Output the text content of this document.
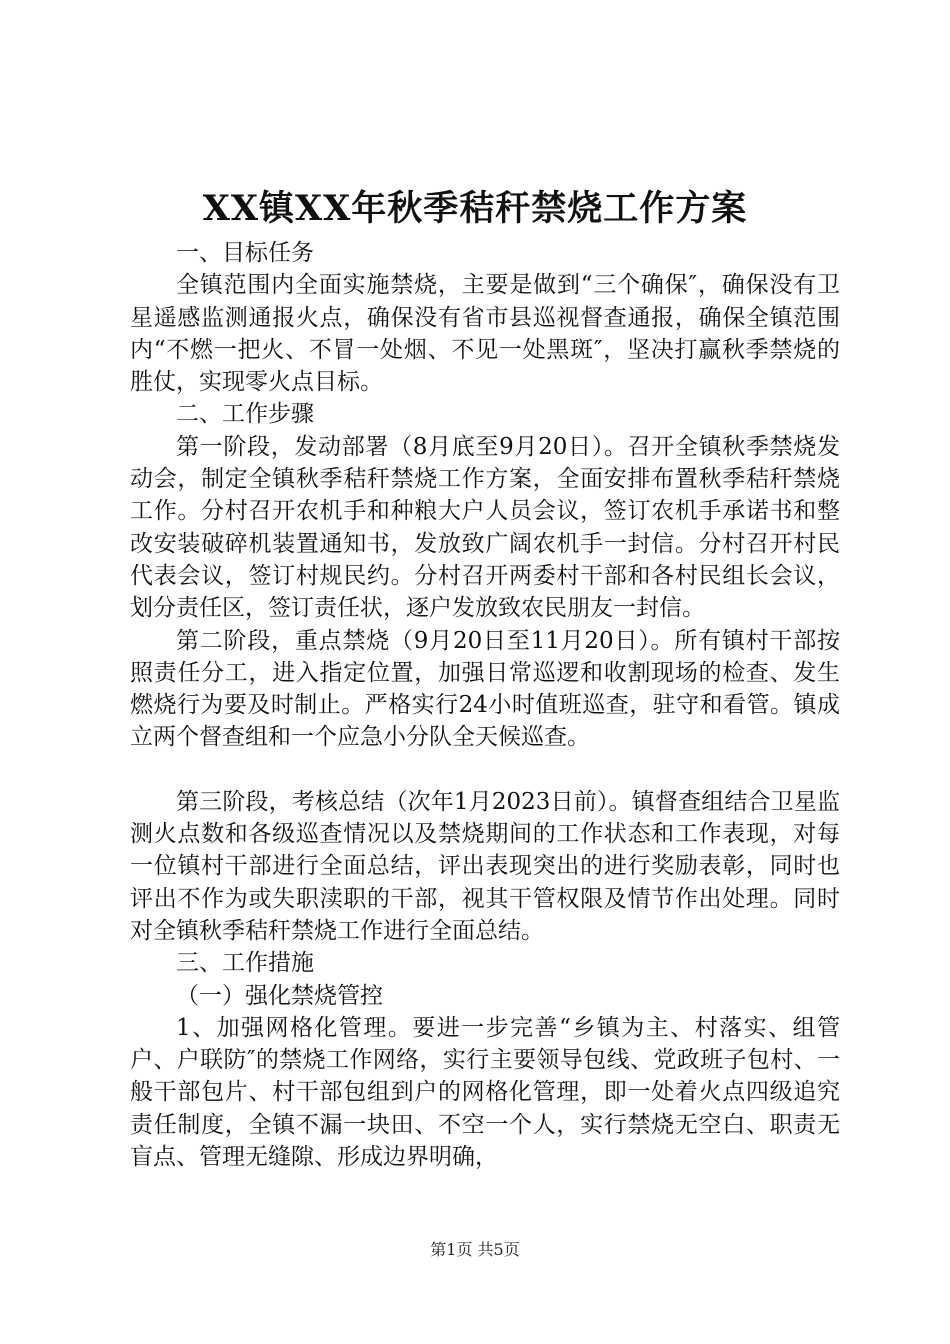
XX镇XX年秋季秸秆禁烧工作方案

一、目标任务

全镇范围内全面实施禁烧，主要是做到“三个确保″，确保没有卫星遥感监测通报火点，确保没有省市县巡视督查通报，确保全镇范围内“不燃一把火、不冒一处烟、不见一处黑斑″，坚决打赢秋季禁烧的胜仗，实现零火点目标。

二、工作步骤

第一阶段，发动部署（8月底至9月20日）。召开全镇秋季禁烧发动会，制定全镇秋季秸秆禁烧工作方案，全面安排布置秋季秸秆禁烧工作。分村召开农机手和种粮大户人员会议，签订农机手承诺书和整改安装破碎机装置通知书，发放致广阔农机手一封信。分村召开村民代表会议，签订村规民约。分村召开两委村干部和各村民组长会议，划分责任区，签订责任状，逐户发放致农民朋友一封信。

第二阶段，重点禁烧（9月20日至11月20日）。所有镇村干部按照责任分工，进入指定位置，加强日常巡逻和收割现场的检查、发生燃烧行为要及时制止。严格实行24小时值班巡查，驻守和看管。镇成立两个督查组和一个应急小分队全天候巡查。

第三阶段，考核总结（次年1月2023日前）。镇督查组结合卫星监测火点数和各级巡查情况以及禁烧期间的工作状态和工作表现，对每一位镇村干部进行全面总结，评出表现突出的进行奖励表彰，同时也评出不作为或失职渎职的干部，视其干管权限及情节作出处理。同时对全镇秋季秸秆禁烧工作进行全面总结。

三、工作措施

（一）强化禁烧管控

1、加强网格化管理。要进一步完善“乡镇为主、村落实、组管户、户联防″的禁烧工作网络，实行主要领导包线、党政班子包村、一般干部包片、村干部包组到户的网格化管理，即一处着火点四级追究责任制度，全镇不漏一块田、不空一个人，实行禁烧无空白、职责无盲点、管理无缝隙、形成边界明确，

第1页 共5页
